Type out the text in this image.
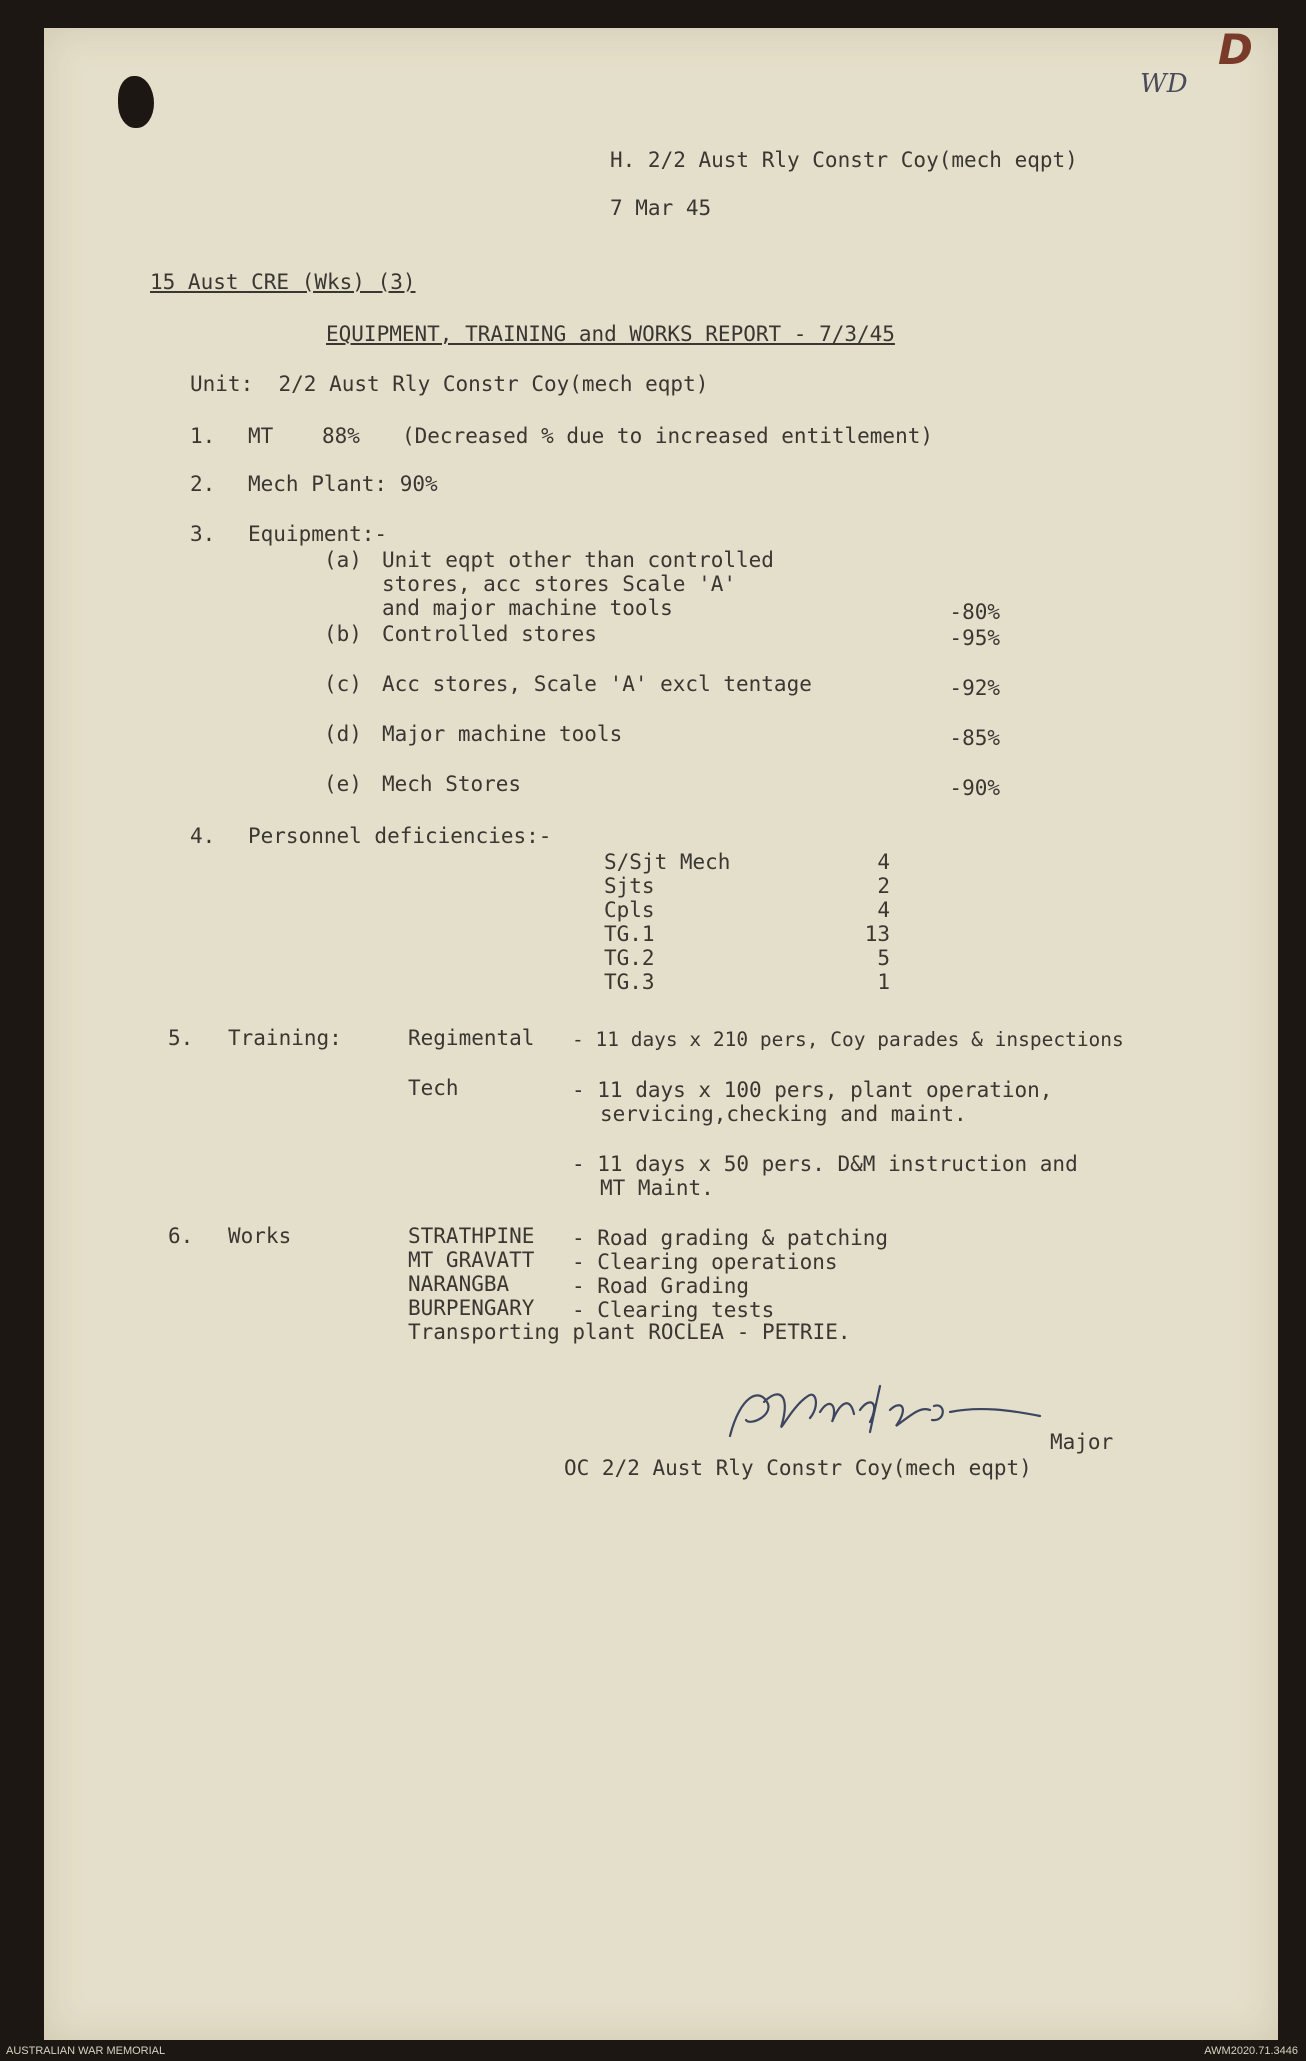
WD
D
H. 2/2 Aust Rly Constr Coy(mech eqpt)
7 Mar 45
15 Aust CRE (Wks) (3)
EQUIPMENT, TRAINING and WORKS REPORT - 7/3/45
Unit:  2/2 Aust Rly Constr Coy(mech eqpt)
1. MT 88% (Decreased % due to increased entitlement)
2. Mech Plant: 90%
3. Equipment:-
(a) Unit eqpt other than controlled
stores, acc stores Scale 'A'
and major machine tools	-80%
(b) Controlled stores	-95%
(c) Acc stores, Scale 'A' excl tentage	-92%
(d) Major machine tools	-85%
(e) Mech Stores	-90%
4. Personnel deficiencies:-
S/Sjt Mech	4
Sjts	2
Cpls	4
TG.1	13
TG.2	5
TG.3	1
5. Training:	Regimental - 11 days x 210 pers, Coy parades & inspections
Tech	- 11 days x 100 pers, plant operation,
servicing,checking and maint.
- 11 days x 50 pers. D&M instruction and
MT Maint.
6. Works	STRATHPINE - Road grading & patching
MT GRAVATT - Clearing operations
NARANGBA	- Road Grading
BURPENGARY - Clearing tests
Transporting plant ROCLEA - PETRIE.
Major
OC 2/2 Aust Rly Constr Coy(mech eqpt)
AUSTRALIAN WAR MEMORIAL	AWM2020.71.3446
